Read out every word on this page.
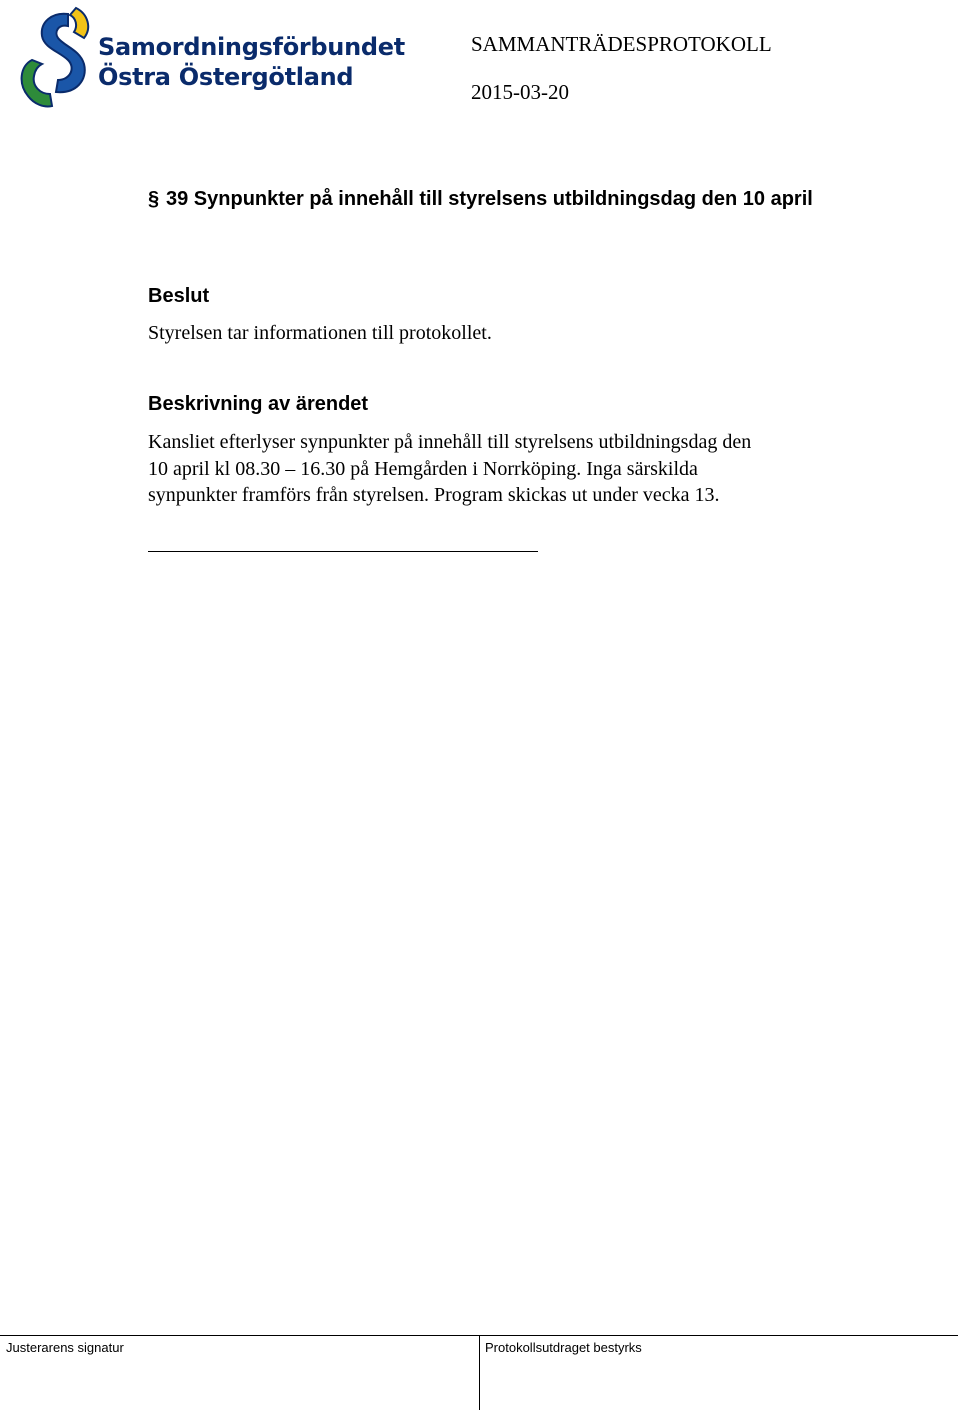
Samordningsförbundet
Östra Östergötland
SAMMANTRÄDESPROTOKOLL
2015-03-20
§ 39 Synpunkter på innehåll till styrelsens utbildningsdag den 10 april
Beslut
Styrelsen tar informationen till protokollet.
Beskrivning av ärendet
Kansliet efterlyser synpunkter på innehåll till styrelsens utbildningsdag den
10 april kl 08.30 – 16.30 på Hemgården i Norrköping. Inga särskilda
synpunkter framförs från styrelsen. Program skickas ut under vecka 13.
Justerarens signatur	Protokollsutdraget bestyrks
